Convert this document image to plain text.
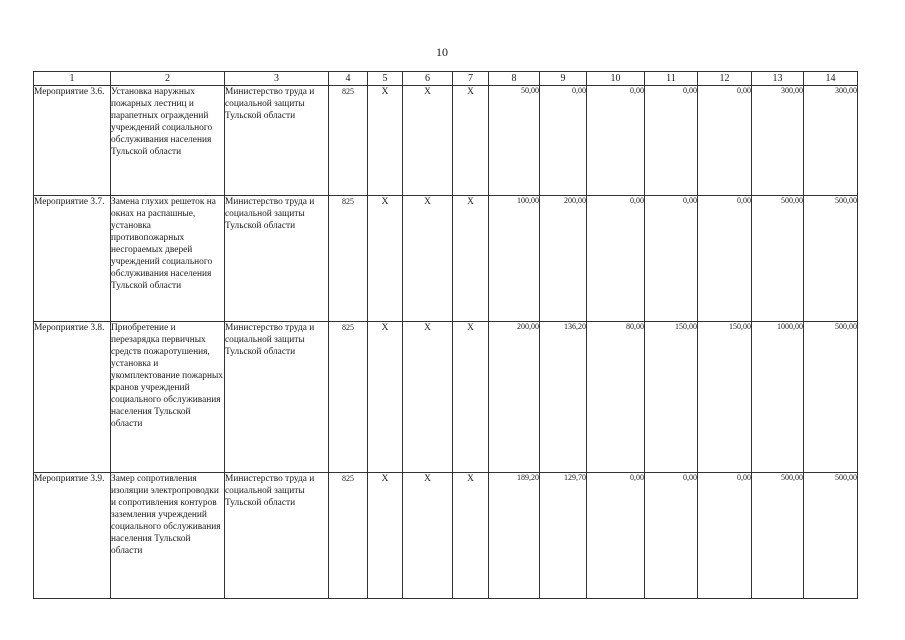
10
1	2	3	4	5	6	7	8	9	10	11	12	13	14
Мероприятие 3.6.	Установка наружных пожарных лестниц и парапетных ограждений учреждений социального обслуживания населения Тульской области	Министерство труда и социальной защиты Тульской области	825	X	X	X	50,00	0,00	0,00	0,00	0,00	300,00	300,00
Мероприятие 3.7.	Замена глухих решеток на окнах на распашные, установка противопожарных несгораемых дверей учреждений социального обслуживания населения Тульской области	Министерство труда и социальной защиты Тульской области	825	X	X	X	100,00	200,00	0,00	0,00	0,00	500,00	500,00
Мероприятие 3.8.	Приобретение и перезарядка первичных средств пожаротушения, установка и укомплектование пожарных кранов учреждений социального обслуживания населения Тульской области	Министерство труда и социальной защиты Тульской области	825	X	X	X	200,00	136,20	80,00	150,00	150,00	1000,00	500,00
Мероприятие 3.9.	Замер сопротивления изоляции электропроводки и сопротивления контуров заземления учреждений социального обслуживания населения Тульской области	Министерство труда и социальной защиты Тульской области	825	X	X	X	189,20	129,70	0,00	0,00	0,00	500,00	500,00
